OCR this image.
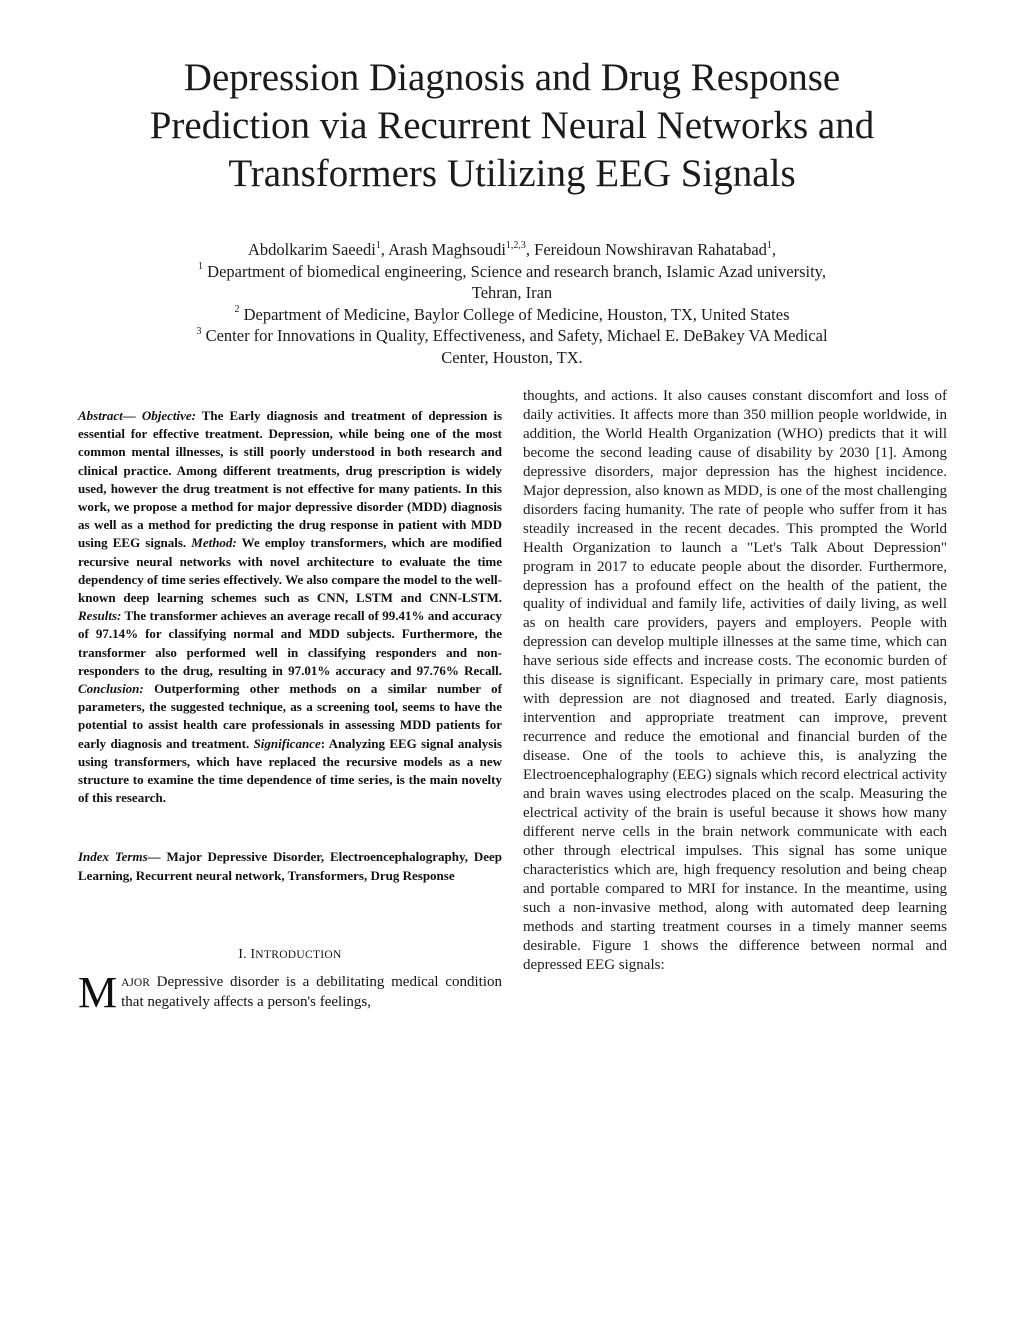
Depression Diagnosis and Drug Response
Prediction via Recurrent Neural Networks and
Transformers Utilizing EEG Signals
Abdolkarim Saeedi$^1$, Arash Maghsoudi$^{1,2,3}$, Fereidoun Nowshiravan Rahatabad$^1$,
$^1$ Department of biomedical engineering, Science and research branch, Islamic Azad university,
Tehran, Iran
$^2$ Department of Medicine, Baylor College of Medicine, Houston, TX, United States
$^3$ Center for Innovations in Quality, Effectiveness, and Safety, Michael E. DeBakey VA Medical
Center, Houston, TX.
Abstract— Objective: The Early diagnosis and treatment of depression is essential for effective treatment. Depression, while being one of the most common mental illnesses, is still poorly understood in both research and clinical practice. Among different treatments, drug prescription is widely used, however the drug treatment is not effective for many patients. In this work, we propose a method for major depressive disorder (MDD) diagnosis as well as a method for predicting the drug response in patient with MDD using EEG signals. Method: We employ transformers, which are modified recursive neural networks with novel architecture to evaluate the time dependency of time series effectively. We also compare the model to the well-known deep learning schemes such as CNN, LSTM and CNN-LSTM. Results: The transformer achieves an average recall of 99.41% and accuracy of 97.14% for classifying normal and MDD subjects. Furthermore, the transformer also performed well in classifying responders and non-responders to the drug, resulting in 97.01% accuracy and 97.76% Recall. Conclusion: Outperforming other methods on a similar number of parameters, the suggested technique, as a screening tool, seems to have the potential to assist health care professionals in assessing MDD patients for early diagnosis and treatment. Significance: Analyzing EEG signal analysis using transformers, which have replaced the recursive models as a new structure to examine the time dependence of time series, is the main novelty of this research.
Index Terms— Major Depressive Disorder, Electroencephalography, Deep Learning, Recurrent neural network, Transformers, Drug Response
I. INTRODUCTION
MAJOR Depressive disorder is a debilitating medical condition that negatively affects a person's feelings,
thoughts, and actions. It also causes constant discomfort and loss of daily activities. It affects more than 350 million people worldwide, in addition, the World Health Organization (WHO) predicts that it will become the second leading cause of disability by 2030 [1]. Among depressive disorders, major depression has the highest incidence. Major depression, also known as MDD, is one of the most challenging disorders facing humanity. The rate of people who suffer from it has steadily increased in the recent decades. This prompted the World Health Organization to launch a "Let's Talk About Depression" program in 2017 to educate people about the disorder. Furthermore, depression has a profound effect on the health of the patient, the quality of individual and family life, activities of daily living, as well as on health care providers, payers and employers. People with depression can develop multiple illnesses at the same time, which can have serious side effects and increase costs. The economic burden of this disease is significant. Especially in primary care, most patients with depression are not diagnosed and treated. Early diagnosis, intervention and appropriate treatment can improve, prevent recurrence and reduce the emotional and financial burden of the disease. One of the tools to achieve this, is analyzing the Electroencephalography (EEG) signals which record electrical activity and brain waves using electrodes placed on the scalp. Measuring the electrical activity of the brain is useful because it shows how many different nerve cells in the brain network communicate with each other through electrical impulses. This signal has some unique characteristics which are, high frequency resolution and being cheap and portable compared to MRI for instance. In the meantime, using such a non-invasive method, along with automated deep learning methods and starting treatment courses in a timely manner seems desirable. Figure 1 shows the difference between normal and depressed EEG signals:
